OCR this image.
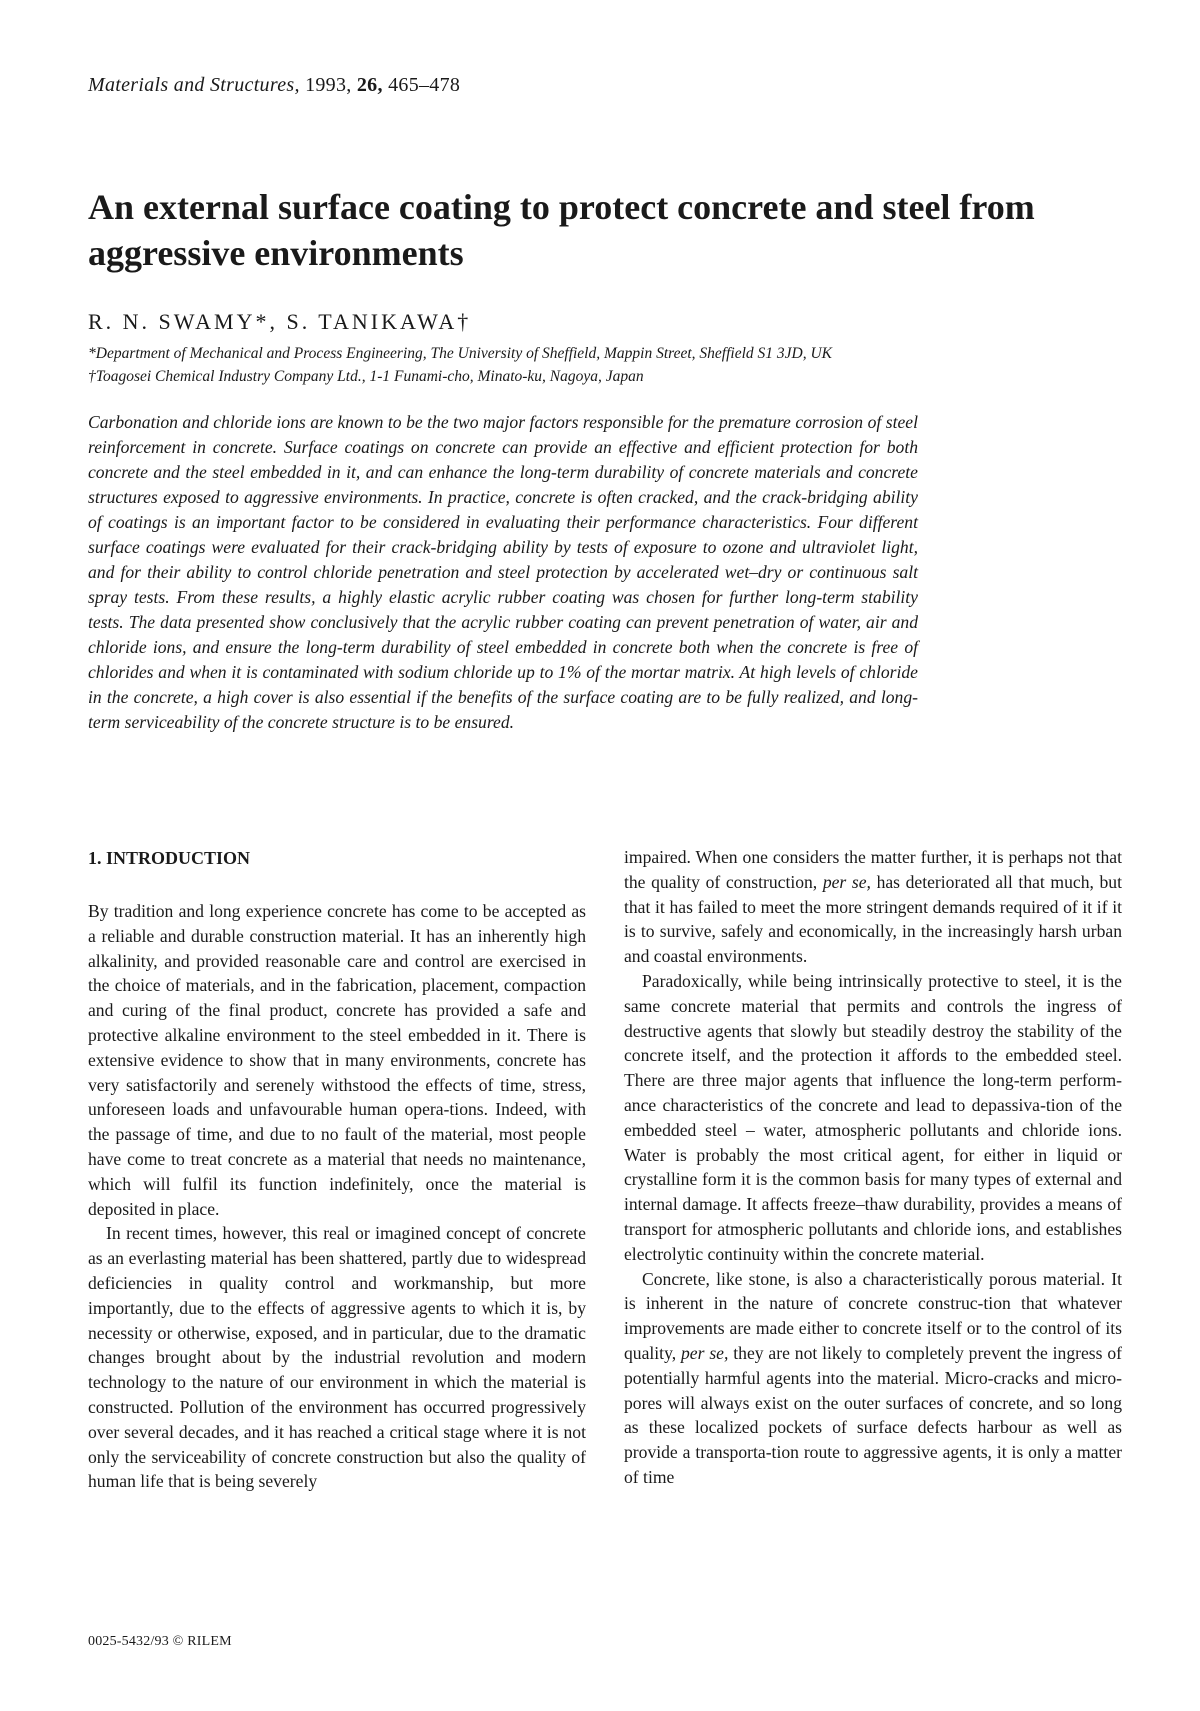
Materials and Structures, 1993, 26, 465–478
An external surface coating to protect concrete and steel from aggressive environments
R. N. SWAMY*, S. TANIKAWA†
*Department of Mechanical and Process Engineering, The University of Sheffield, Mappin Street, Sheffield S1 3JD, UK
†Toagosei Chemical Industry Company Ltd., 1-1 Funami-cho, Minato-ku, Nagoya, Japan

Carbonation and chloride ions are known to be the two major factors responsible for the premature corrosion of steel reinforcement in concrete. Surface coatings on concrete can provide an effective and efficient protection for both concrete and the steel embedded in it, and can enhance the long-term durability of concrete materials and concrete structures exposed to aggressive environments. In practice, concrete is often cracked, and the crack-bridging ability of coatings is an important factor to be considered in evaluating their performance characteristics. Four different surface coatings were evaluated for their crack-bridging ability by tests of exposure to ozone and ultraviolet light, and for their ability to control chloride penetration and steel protection by accelerated wet–dry or continuous salt spray tests. From these results, a highly elastic acrylic rubber coating was chosen for further long-term stability tests. The data presented show conclusively that the acrylic rubber coating can prevent penetration of water, air and chloride ions, and ensure the long-term durability of steel embedded in concrete both when the concrete is free of chlorides and when it is contaminated with sodium chloride up to 1% of the mortar matrix. At high levels of chloride in the concrete, a high cover is also essential if the benefits of the surface coating are to be fully realized, and long-term serviceability of the concrete structure is to be ensured.

1. INTRODUCTION

By tradition and long experience concrete has come to be accepted as a reliable and durable construction material. It has an inherently high alkalinity, and provided reasonable care and control are exercised in the choice of materials, and in the fabrication, placement, compaction and curing of the final product, concrete has provided a safe and protective alkaline environment to the steel embedded in it. There is extensive evidence to show that in many environments, concrete has very satisfactorily and serenely withstood the effects of time, stress, unforeseen loads and unfavourable human opera-tions. Indeed, with the passage of time, and due to no fault of the material, most people have come to treat concrete as a material that needs no maintenance, which will fulfil its function indefinitely, once the material is deposited in place.

In recent times, however, this real or imagined concept of concrete as an everlasting material has been shattered, partly due to widespread deficiencies in quality control and workmanship, but more importantly, due to the effects of aggressive agents to which it is, by necessity or otherwise, exposed, and in particular, due to the dramatic changes brought about by the industrial revolution and modern technology to the nature of our environment in which the material is constructed. Pollution of the environment has occurred progressively over several decades, and it has reached a critical stage where it is not only the serviceability of concrete construction but also the quality of human life that is being severely

impaired. When one considers the matter further, it is perhaps not that the quality of construction, per se, has deteriorated all that much, but that it has failed to meet the more stringent demands required of it if it is to survive, safely and economically, in the increasingly harsh urban and coastal environments.

Paradoxically, while being intrinsically protective to steel, it is the same concrete material that permits and controls the ingress of destructive agents that slowly but steadily destroy the stability of the concrete itself, and the protection it affords to the embedded steel. There are three major agents that influence the long-term perform-ance characteristics of the concrete and lead to depassiva-tion of the embedded steel – water, atmospheric pollutants and chloride ions. Water is probably the most critical agent, for either in liquid or crystalline form it is the common basis for many types of external and internal damage. It affects freeze–thaw durability, provides a means of transport for atmospheric pollutants and chloride ions, and establishes electrolytic continuity within the concrete material.

Concrete, like stone, is also a characteristically porous material. It is inherent in the nature of concrete construc-tion that whatever improvements are made either to concrete itself or to the control of its quality, per se, they are not likely to completely prevent the ingress of potentially harmful agents into the material. Micro-cracks and micro-pores will always exist on the outer surfaces of concrete, and so long as these localized pockets of surface defects harbour as well as provide a transporta-tion route to aggressive agents, it is only a matter of time

0025-5432/93 © RILEM
